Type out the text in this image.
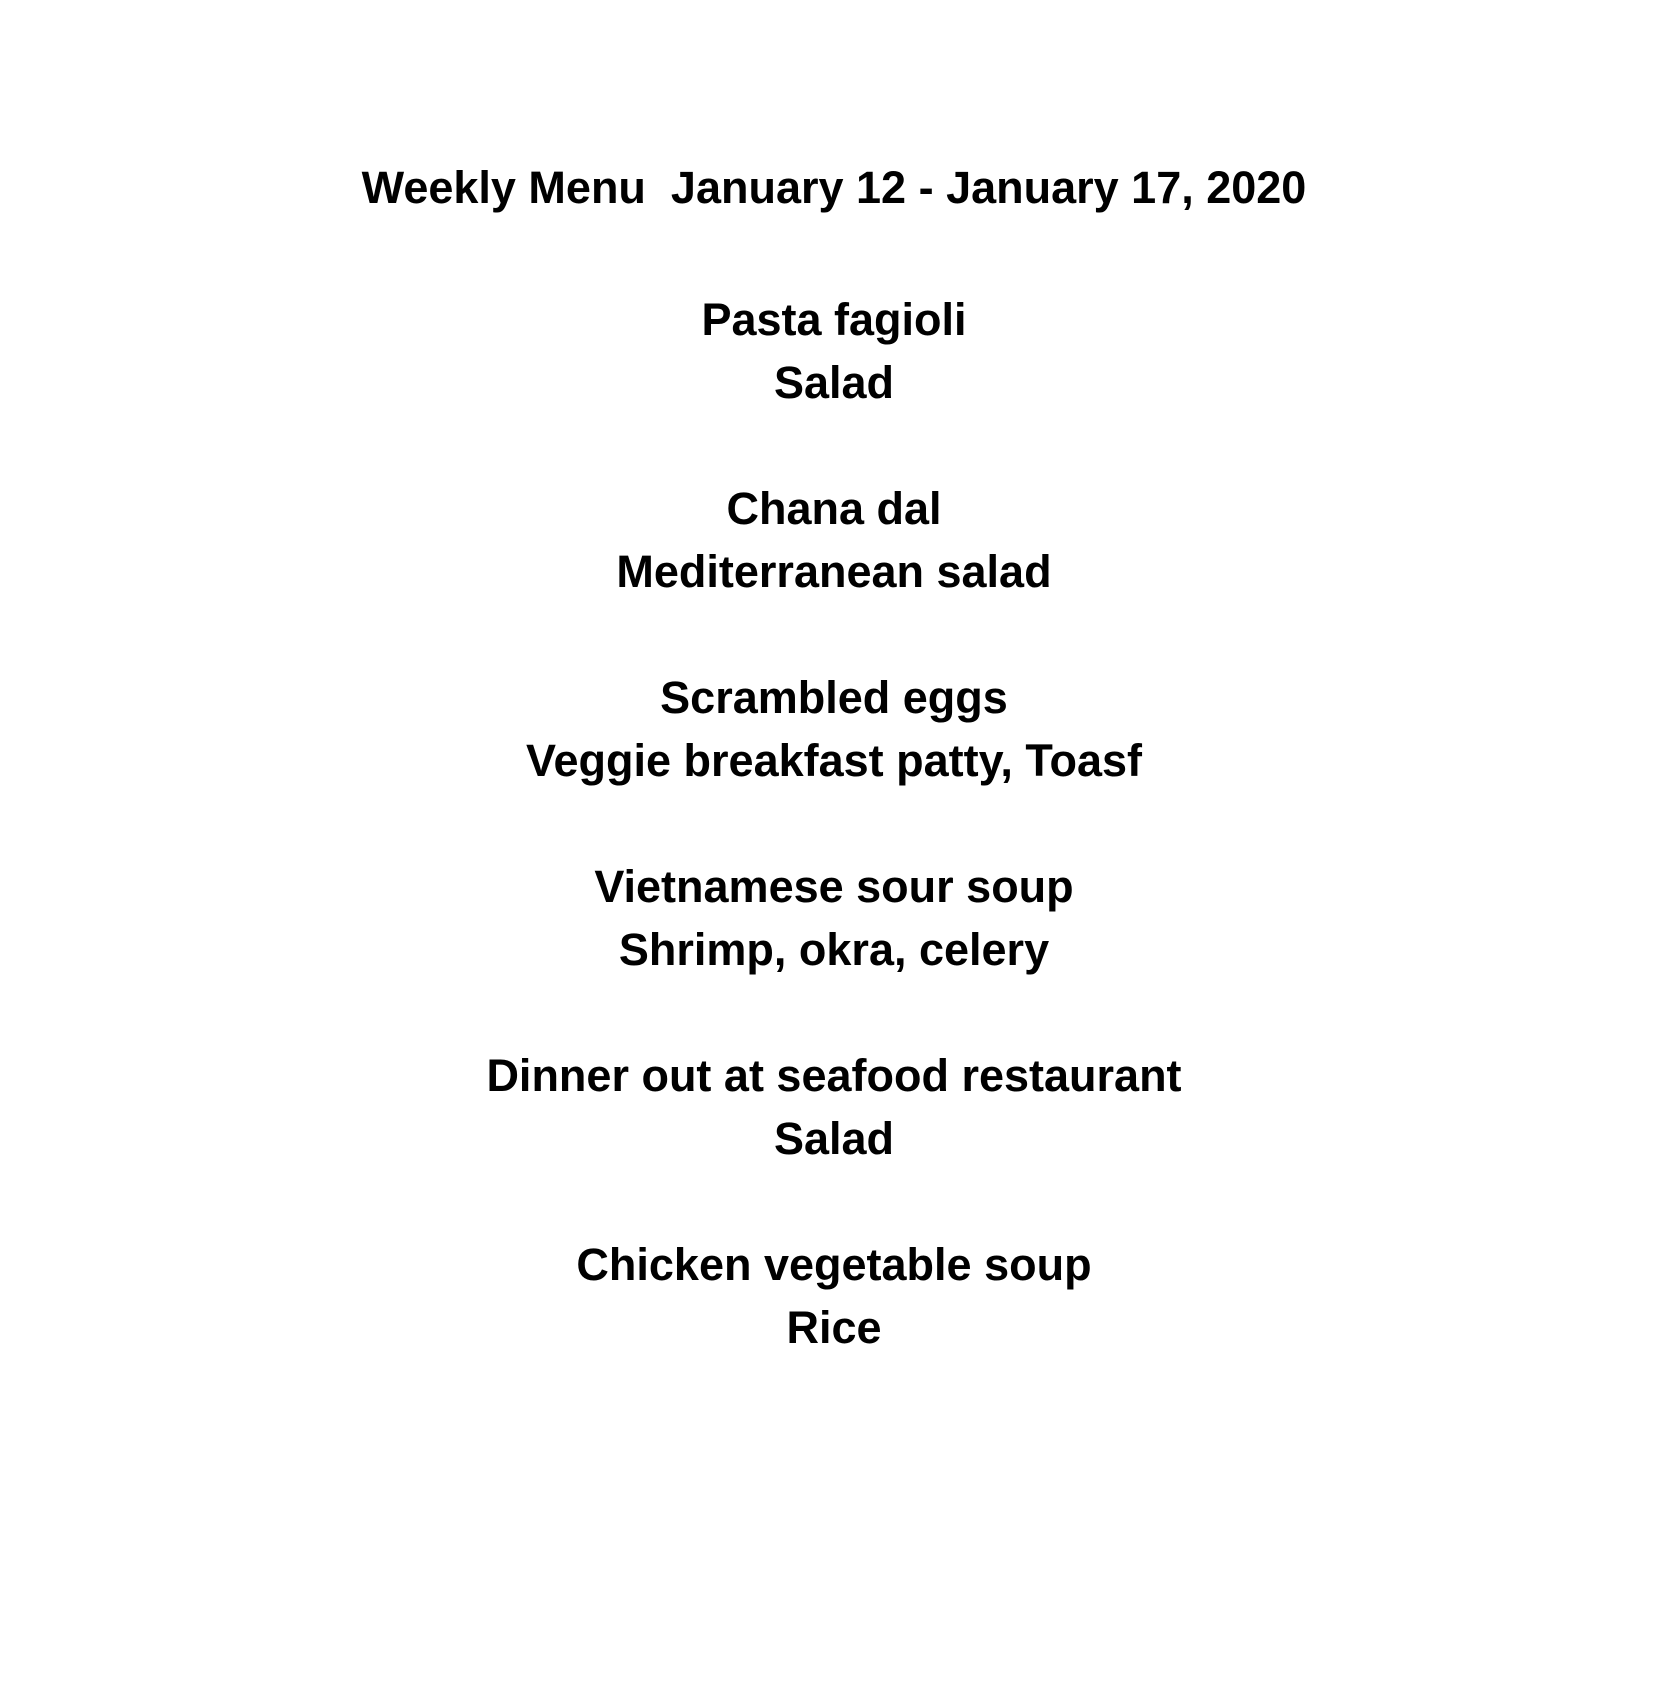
Weekly Menu  January 12 - January 17, 2020
Pasta fagioli
Salad
Chana dal
Mediterranean salad
Scrambled eggs
Veggie breakfast patty, Toasf
Vietnamese sour soup
Shrimp, okra, celery
Dinner out at seafood restaurant
Salad
Chicken vegetable soup
Rice
